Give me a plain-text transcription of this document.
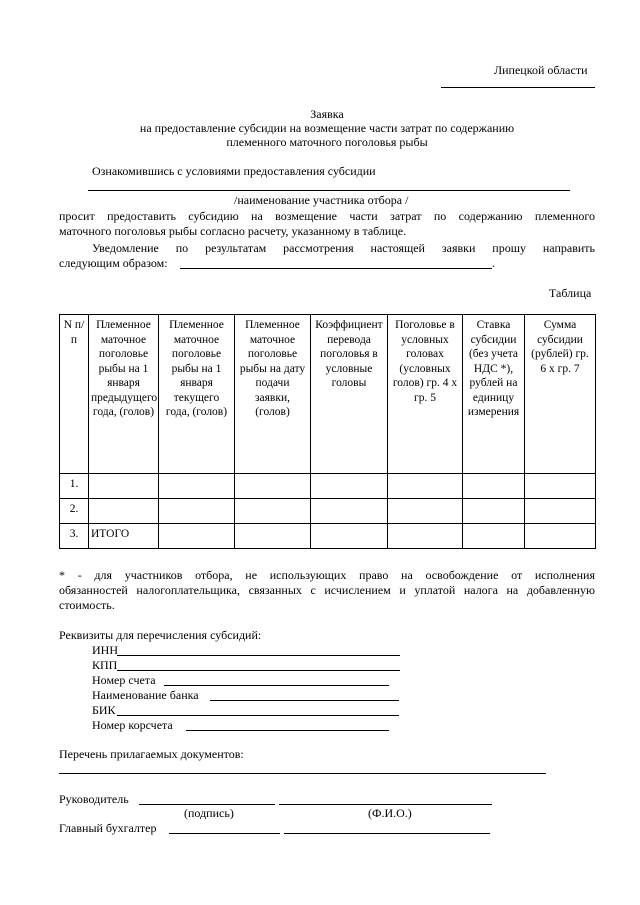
Липецкой области
Заявка
на предоставление субсидии на возмещение части затрат по содержанию
племенного маточного поголовья рыбы
Ознакомившись с условиями предоставления субсидии
/наименование участника отбора /
просит предоставить субсидию на возмещение части затрат по содержанию племенного
маточного поголовья рыбы согласно расчету, указанному в таблице.
Уведомление по результатам рассмотрения настоящей заявки прошу направить
следующим образом:	.
Таблица
N п/п	Племенное маточное поголовье рыбы на 1 января предыдущего года, (голов)	Племенное маточное поголовье рыбы на 1 января текущего года, (голов)	Племенное маточное поголовье рыбы на дату подачи заявки, (голов)	Коэффициент перевода поголовья в условные головы	Поголовье в условных головах (условных голов) гр. 4 x гр. 5	Ставка субсидии (без учета НДС *), рублей на единицу измерения	Сумма субсидии (рублей) гр. 6 x гр. 7
1.							
2.							
3.	ИТОГО						
* - для участников отбора, не использующих право на освобождение от исполнения
обязанностей налогоплательщика, связанных с исчислением и уплатой налога на добавленную
стоимость.
Реквизиты для перечисления субсидий:
ИНН
КПП
Номер счета
Наименование банка
БИК
Номер корсчета
Перечень прилагаемых документов:
Руководитель
(подпись)	(Ф.И.О.)
Главный бухгалтер
